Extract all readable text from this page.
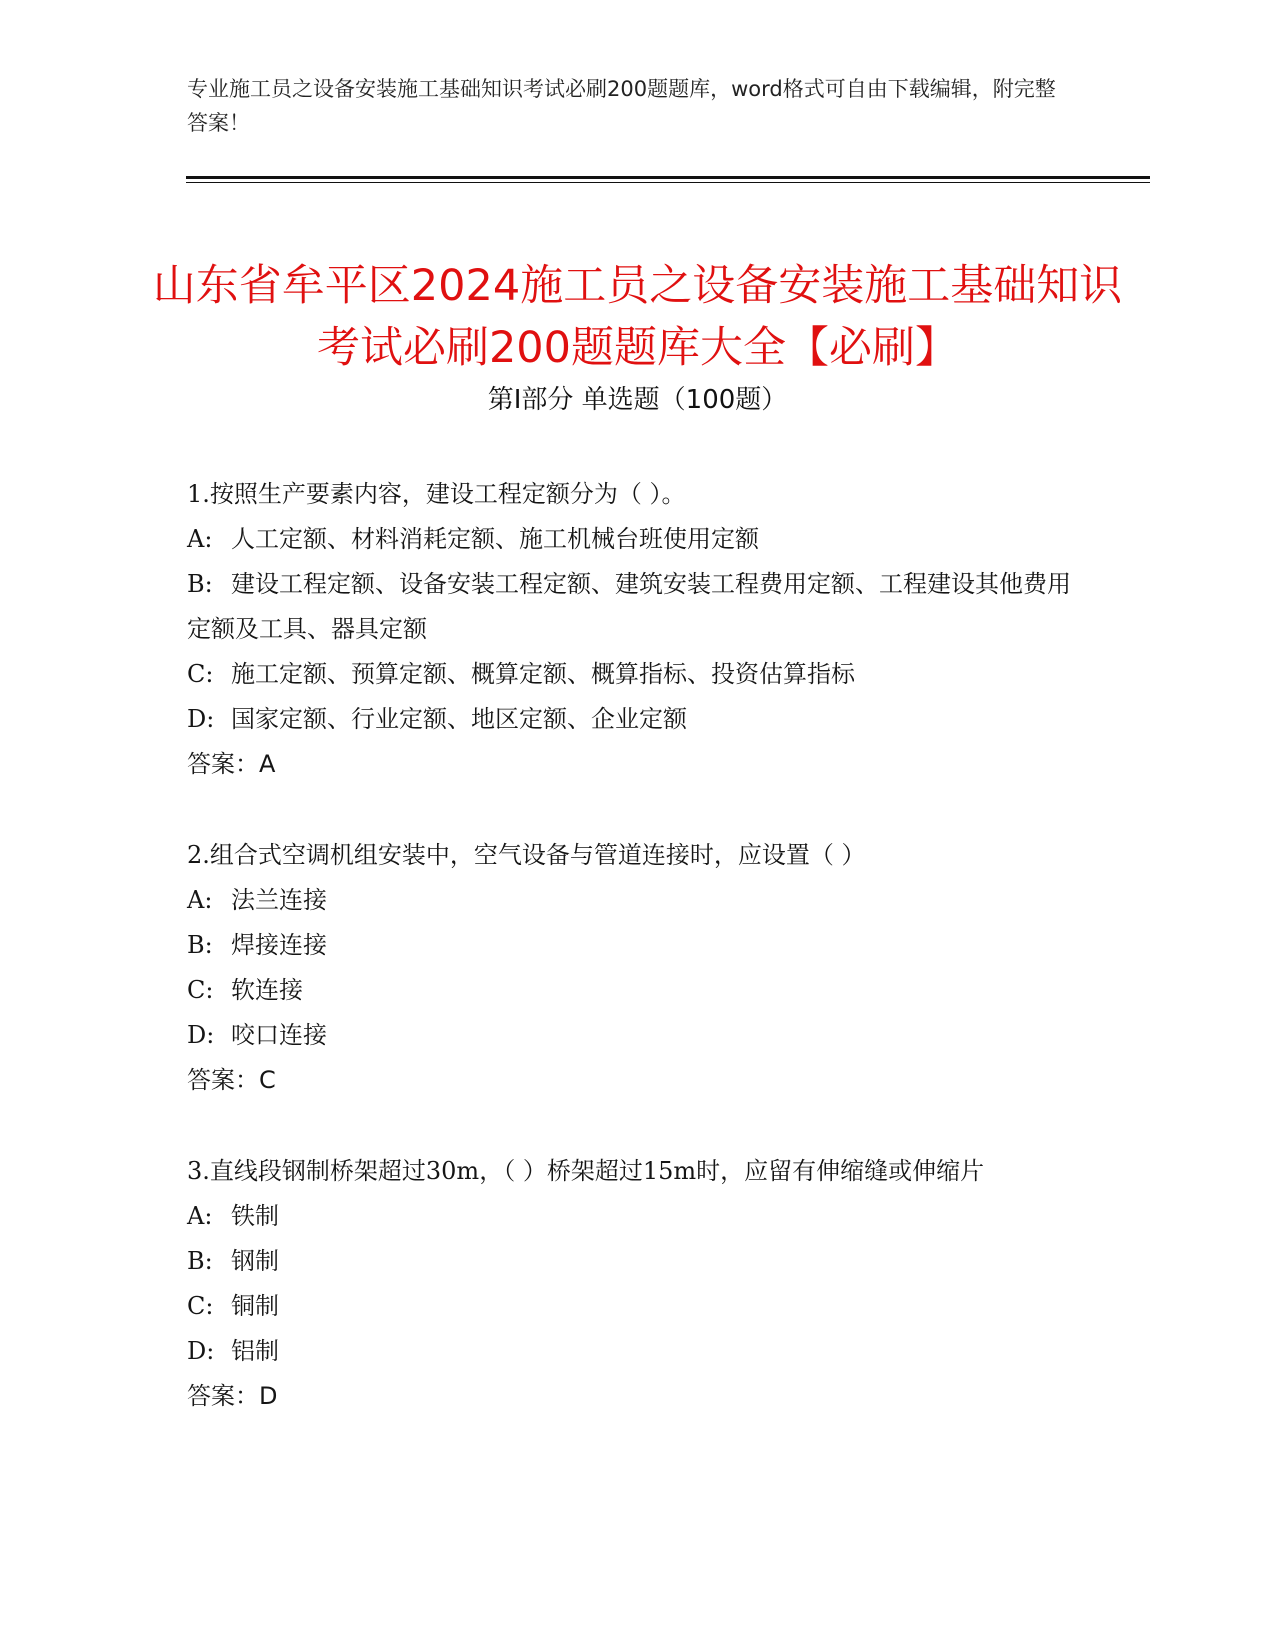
专业施工员之设备安装施工基础知识考试必刷200题题库，word格式可自由下载编辑，附完整答案！
山东省牟平区2024施工员之设备安装施工基础知识考试必刷200题题库大全【必刷】
第I部分 单选题（100题）
1.按照生产要素内容，建设工程定额分为（ ）。
A: 人工定额、材料消耗定额、施工机械台班使用定额
B: 建设工程定额、设备安装工程定额、建筑安装工程费用定额、工程建设其他费用定额及工具、器具定额
C: 施工定额、预算定额、概算定额、概算指标、投资估算指标
D: 国家定额、行业定额、地区定额、企业定额
答案：A
2.组合式空调机组安装中，空气设备与管道连接时，应设置（ ）
A: 法兰连接
B: 焊接连接
C: 软连接
D: 咬口连接
答案：C
3.直线段钢制桥架超过30m，（ ）桥架超过15m时，应留有伸缩缝或伸缩片
A: 铁制
B: 钢制
C: 铜制
D: 铝制
答案：D
